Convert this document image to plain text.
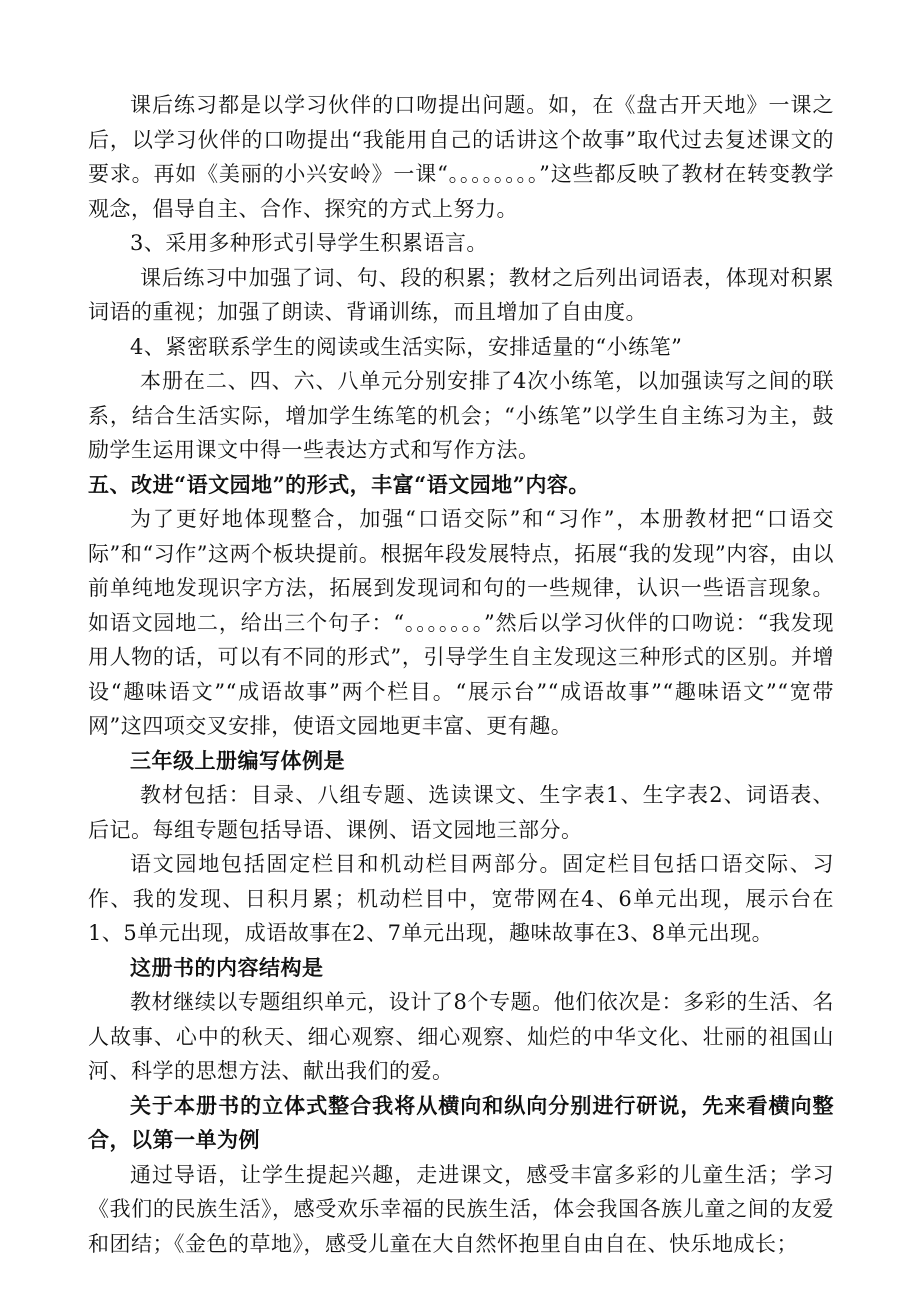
课后练习都是以学习伙伴的口吻提出问题。如，在《盘古开天地》一课之后，以学习伙伴的口吻提出“我能用自己的话讲这个故事”取代过去复述课文的要求。再如《美丽的小兴安岭》一课“。。。。。。。。”这些都反映了教材在转变教学观念，倡导自主、合作、探究的方式上努力。

3、采用多种形式引导学生积累语言。

课后练习中加强了词、句、段的积累；教材之后列出词语表，体现对积累词语的重视；加强了朗读、背诵训练，而且增加了自由度。

4、紧密联系学生的阅读或生活实际，安排适量的“小练笔”

本册在二、四、六、八单元分别安排了4次小练笔，以加强读写之间的联系，结合生活实际，增加学生练笔的机会；“小练笔”以学生自主练习为主，鼓励学生运用课文中得一些表达方式和写作方法。

五、改进“语文园地”的形式，丰富“语文园地”内容。

为了更好地体现整合，加强“口语交际”和“习作”，本册教材把“口语交际”和“习作”这两个板块提前。根据年段发展特点，拓展“我的发现”内容，由以前单纯地发现识字方法，拓展到发现词和句的一些规律，认识一些语言现象。如语文园地二，给出三个句子：“。。。。。。。”然后以学习伙伴的口吻说：“我发现用人物的话，可以有不同的形式”，引导学生自主发现这三种形式的区别。并增设“趣味语文”“成语故事”两个栏目。“展示台”“成语故事”“趣味语文”“宽带网”这四项交叉安排，使语文园地更丰富、更有趣。

三年级上册编写体例是

教材包括：目录、八组专题、选读课文、生字表1、生字表2、词语表、后记。每组专题包括导语、课例、语文园地三部分。

语文园地包括固定栏目和机动栏目两部分。固定栏目包括口语交际、习作、我的发现、日积月累；机动栏目中，宽带网在4、6单元出现，展示台在1、5单元出现，成语故事在2、7单元出现，趣味故事在3、8单元出现。

这册书的内容结构是

教材继续以专题组织单元，设计了8个专题。他们依次是：多彩的生活、名人故事、心中的秋天、细心观察、细心观察、灿烂的中华文化、壮丽的祖国山河、科学的思想方法、献出我们的爱。

关于本册书的立体式整合我将从横向和纵向分别进行研说，先来看横向整合，以第一单为例

通过导语，让学生提起兴趣，走进课文，感受丰富多彩的儿童生活；学习《我们的民族生活》，感受欢乐幸福的民族生活，体会我国各族儿童之间的友爱和团结；《金色的草地》，感受儿童在大自然怀抱里自由自在、快乐地成长；
